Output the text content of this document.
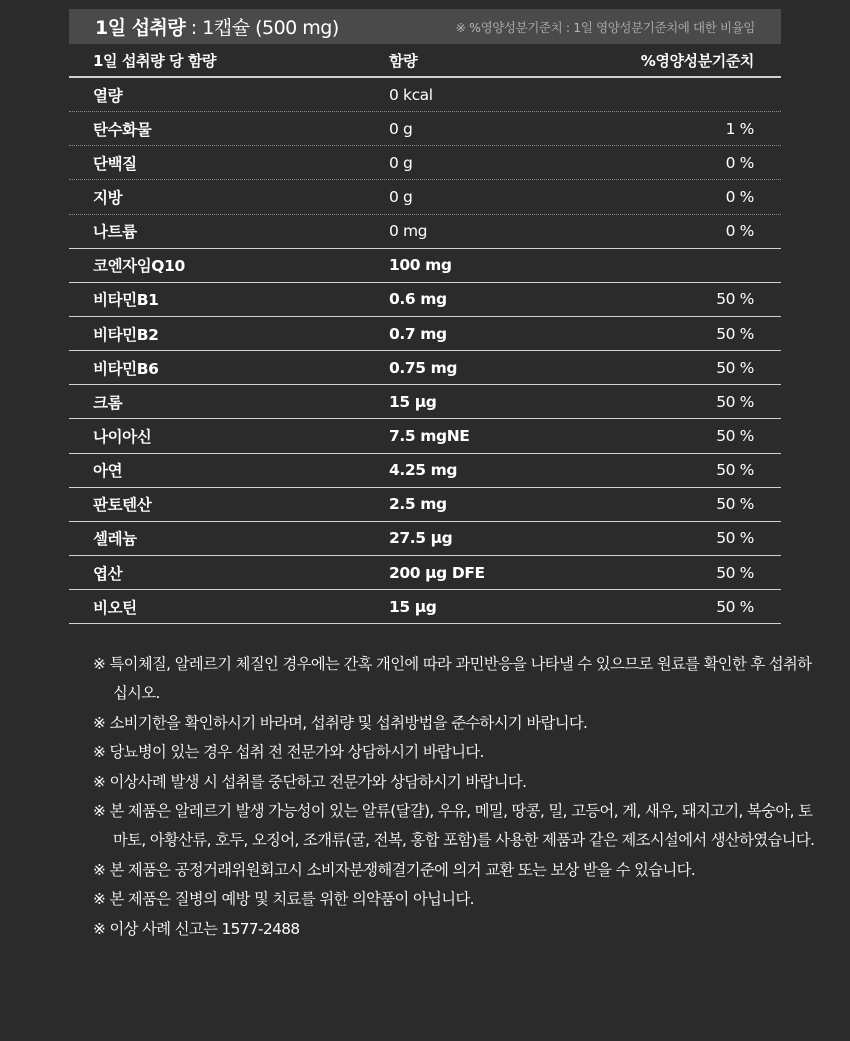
1일 섭취량 : 1캡슐 (500 mg)	※ %영양성분기준치 : 1일 영양성분기준치에 대한 비율임
1일 섭취량 당 함량	함량	%영양성분기준치
열량	0 kcal
탄수화물	0 g	1 %
단백질	0 g	0 %
지방	0 g	0 %
나트륨	0 mg	0 %
코엔자임Q10	100 mg
비타민B1	0.6 mg	50 %
비타민B2	0.7 mg	50 %
비타민B6	0.75 mg	50 %
크롬	15 μg	50 %
나이아신	7.5 mgNE	50 %
아연	4.25 mg	50 %
판토텐산	2.5 mg	50 %
셀레늄	27.5 μg	50 %
엽산	200 μg DFE	50 %
비오틴	15 μg	50 %
※ 특이체질, 알레르기 체질인 경우에는 간혹 개인에 따라 과민반응을 나타낼 수 있으므로 원료를 확인한 후 섭취하십시오.
※ 소비기한을 확인하시기 바라며, 섭취량 및 섭취방법을 준수하시기 바랍니다.
※ 당뇨병이 있는 경우 섭취 전 전문가와 상담하시기 바랍니다.
※ 이상사례 발생 시 섭취를 중단하고 전문가와 상담하시기 바랍니다.
※ 본 제품은 알레르기 발생 가능성이 있는 알류(달걀), 우유, 메밀, 땅콩, 밀, 고등어, 게, 새우, 돼지고기, 복숭아, 토마토, 아황산류, 호두, 오징어, 조개류(굴, 전복, 홍합 포함)를 사용한 제품과 같은 제조시설에서 생산하였습니다.
※ 본 제품은 공정거래위원회고시 소비자분쟁해결기준에 의거 교환 또는 보상 받을 수 있습니다.
※ 본 제품은 질병의 예방 및 치료를 위한 의약품이 아닙니다.
※ 이상 사례 신고는 1577-2488
